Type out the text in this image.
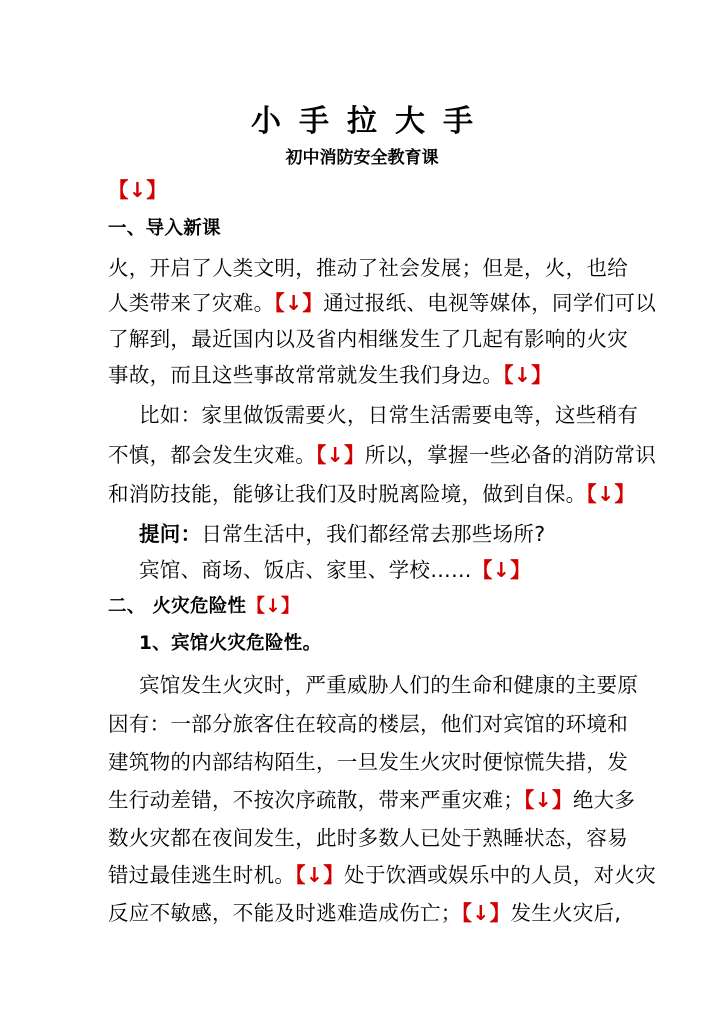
小手拉大手
初中消防安全教育课
【↓】
一、导入新课
火，开启了人类文明，推动了社会发展；但是，火，也给
人类带来了灾难。【↓】通过报纸、电视等媒体，同学们可以
了解到，最近国内以及省内相继发生了几起有影响的火灾
事故，而且这些事故常常就发生我们身边。【↓】
比如：家里做饭需要火，日常生活需要电等，这些稍有
不慎，都会发生灾难。【↓】所以，掌握一些必备的消防常识
和消防技能，能够让我们及时脱离险境，做到自保。【↓】
提问：日常生活中，我们都经常去那些场所?
宾馆、商场、饭店、家里、学校……【↓】
二、 火灾危险性【↓】
1、宾馆火灾危险性。
宾馆发生火灾时，严重威胁人们的生命和健康的主要原
因有：一部分旅客住在较高的楼层，他们对宾馆的环境和
建筑物的内部结构陌生，一旦发生火灾时便惊慌失措，发
生行动差错，不按次序疏散，带来严重灾难；【↓】绝大多
数火灾都在夜间发生，此时多数人已处于熟睡状态，容易
错过最佳逃生时机。【↓】处于饮酒或娱乐中的人员，对火灾
反应不敏感，不能及时逃难造成伤亡；【↓】发生火灾后,
